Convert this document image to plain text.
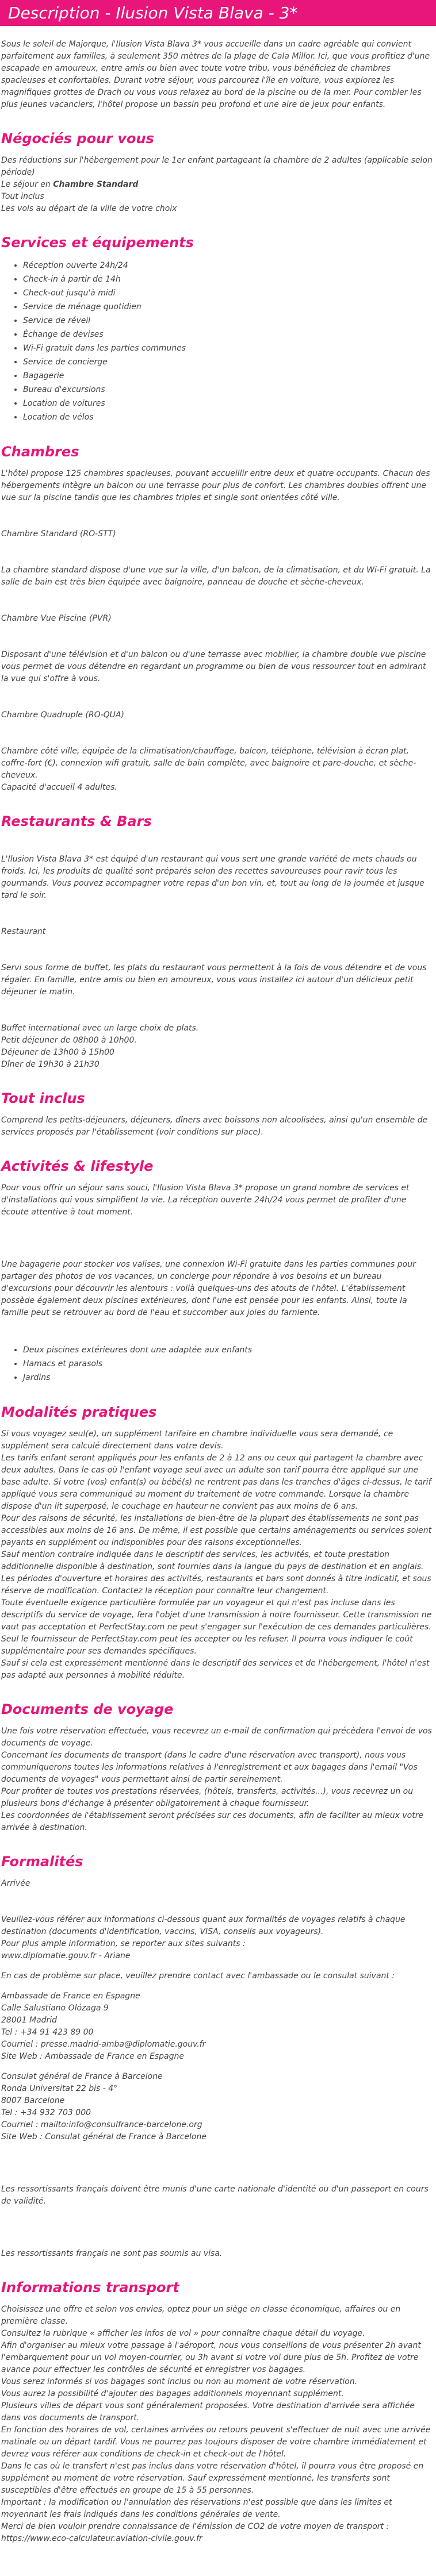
Description - Ilusion Vista Blava - 3*

Sous le soleil de Majorque, l'Ilusion Vista Blava 3* vous accueille dans un cadre agréable qui convient parfaitement aux familles, à seulement 350 mètres de la plage de Cala Millor. Ici, que vous profitiez d'une escapade en amoureux, entre amis ou bien avec toute votre tribu, vous bénéficiez de chambres spacieuses et confortables. Durant votre séjour, vous parcourez l'île en voiture, vous explorez les magnifiques grottes de Drach ou vous vous relaxez au bord de la piscine ou de la mer. Pour combler les plus jeunes vacanciers, l'hôtel propose un bassin peu profond et une aire de jeux pour enfants.

Négociés pour vous

Des réductions sur l'hébergement pour le 1er enfant partageant la chambre de 2 adultes (applicable selon période)
Le séjour en Chambre Standard
Tout inclus
Les vols au départ de la ville de votre choix

Services et équipements
• Réception ouverte 24h/24
• Check-in à partir de 14h
• Check-out jusqu'à midi
• Service de ménage quotidien
• Service de réveil
• Échange de devises
• Wi-Fi gratuit dans les parties communes
• Service de concierge
• Bagagerie
• Bureau d'excursions
• Location de voitures
• Location de vélos
Chambres

L'hôtel propose 125 chambres spacieuses, pouvant accueillir entre deux et quatre occupants. Chacun des hébergements intègre un balcon ou une terrasse pour plus de confort. Les chambres doubles offrent une vue sur la piscine tandis que les chambres triples et single sont orientées côté ville.

Chambre Standard (RO-STT)

La chambre standard dispose d'une vue sur la ville, d'un balcon, de la climatisation, et du Wi-Fi gratuit. La salle de bain est très bien équipée avec baignoire, panneau de douche et sèche-cheveux.

Chambre Vue Piscine (PVR)

Disposant d'une télévision et d'un balcon ou d'une terrasse avec mobilier, la chambre double vue piscine vous permet de vous détendre en regardant un programme ou bien de vous ressourcer tout en admirant la vue qui s'offre à vous.

Chambre Quadruple (RO-QUA)

Chambre côté ville, équipée de la climatisation/chauffage, balcon, téléphone, télévision à écran plat, coffre-fort (€), connexion wifi gratuit, salle de bain complète, avec baignoire et pare-douche, et sèche-cheveux.
Capacité d'accueil 4 adultes.

Restaurants & Bars

L'Ilusion Vista Blava 3* est équipé d'un restaurant qui vous sert une grande variété de mets chauds ou froids. Ici, les produits de qualité sont préparés selon des recettes savoureuses pour ravir tous les gourmands. Vous pouvez accompagner votre repas d'un bon vin, et, tout au long de la journée et jusque tard le soir.

Restaurant

Servi sous forme de buffet, les plats du restaurant vous permettent à la fois de vous détendre et de vous régaler. En famille, entre amis ou bien en amoureux, vous vous installez ici autour d'un délicieux petit déjeuner le matin.

Buffet international avec un large choix de plats.
Petit déjeuner de 08h00 à 10h00.
Déjeuner de 13h00 à 15h00
Dîner de 19h30 à 21h30

Tout inclus

Comprend les petits-déjeuners, déjeuners, dîners avec boissons non alcoolisées, ainsi qu'un ensemble de services proposés par l'établissement (voir conditions sur place).

Activités & lifestyle

Pour vous offrir un séjour sans souci, l'Ilusion Vista Blava 3* propose un grand nombre de services et d'installations qui vous simplifient la vie. La réception ouverte 24h/24 vous permet de profiter d'une écoute attentive à tout moment.

Une bagagerie pour stocker vos valises, une connexion Wi-Fi gratuite dans les parties communes pour partager des photos de vos vacances, un concierge pour répondre à vos besoins et un bureau d'excursions pour découvrir les alentours : voilà quelques-uns des atouts de l'hôtel. L'établissement possède également deux piscines extérieures, dont l'une est pensée pour les enfants. Ainsi, toute la famille peut se retrouver au bord de l'eau et succomber aux joies du farniente.

• Deux piscines extérieures dont une adaptée aux enfants
• Hamacs et parasols
• Jardins
Modalités pratiques

Si vous voyagez seul(e), un supplément tarifaire en chambre individuelle vous sera demandé, ce supplément sera calculé directement dans votre devis.
Les tarifs enfant seront appliqués pour les enfants de 2 à 12 ans ou ceux qui partagent la chambre avec deux adultes. Dans le cas où l'enfant voyage seul avec un adulte son tarif pourra être appliqué sur une base adulte. Si votre (vos) enfant(s) ou bébé(s) ne rentrent pas dans les tranches d'âges ci-dessus, le tarif appliqué vous sera communiqué au moment du traitement de votre commande. Lorsque la chambre dispose d'un lit superposé, le couchage en hauteur ne convient pas aux moins de 6 ans.
Pour des raisons de sécurité, les installations de bien-être de la plupart des établissements ne sont pas accessibles aux moins de 16 ans. De même, il est possible que certains aménagements ou services soient payants en supplément ou indisponibles pour des raisons exceptionnelles.
Sauf mention contraire indiquée dans le descriptif des services, les activités, et toute prestation additionnelle disponible à destination, sont fournies dans la langue du pays de destination et en anglais.
Les périodes d'ouverture et horaires des activités, restaurants et bars sont donnés à titre indicatif, et sous réserve de modification. Contactez la réception pour connaître leur changement.
Toute éventuelle exigence particulière formulée par un voyageur et qui n'est pas incluse dans les descriptifs du service de voyage, fera l'objet d'une transmission à notre fournisseur. Cette transmission ne vaut pas acceptation et PerfectStay.com ne peut s'engager sur l'exécution de ces demandes particulières. Seul le fournisseur de PerfectStay.com peut les accepter ou les refuser. Il pourra vous indiquer le coût supplémentaire pour ses demandes spécifiques.
Sauf si cela est expressément mentionné dans le descriptif des services et de l'hébergement, l'hôtel n'est pas adapté aux personnes à mobilité réduite.

Documents de voyage

Une fois votre réservation effectuée, vous recevrez un e-mail de confirmation qui précèdera l'envoi de vos documents de voyage.
Concernant les documents de transport (dans le cadre d'une réservation avec transport), nous vous communiquerons toutes les informations relatives à l'enregistrement et aux bagages dans l'email "Vos documents de voyages" vous permettant ainsi de partir sereinement.
Pour profiter de toutes vos prestations réservées, (hôtels, transferts, activités...), vous recevrez un ou plusieurs bons d'échange à présenter obligatoirement à chaque fournisseur.
Les coordonnées de l'établissement seront précisées sur ces documents, afin de faciliter au mieux votre arrivée à destination.

Formalités

Arrivée

Veuillez-vous référer aux informations ci-dessous quant aux formalités de voyages relatifs à chaque destination (documents d'identification, vaccins, VISA, conseils aux voyageurs).
Pour plus ample information, se reporter aux sites suivants :
www.diplomatie.gouv.fr - Ariane

En cas de problème sur place, veuillez prendre contact avec l'ambassade ou le consulat suivant :

Ambassade de France en Espagne
Calle Salustiano Olózaga 9
28001 Madrid
Tel : +34 91 423 89 00
Courriel : presse.madrid-amba@diplomatie.gouv.fr
Site Web : Ambassade de France en Espagne

Consulat général de France à Barcelone
Ronda Universitat 22 bis - 4°
8007 Barcelone
Tel : +34 932 703 000
Courriel : mailto:info@consulfrance-barcelone.org
Site Web : Consulat général de France à Barcelone

Les ressortissants français doivent être munis d'une carte nationale d'identité ou d'un passeport en cours de validité.

Les ressortissants français ne sont pas soumis au visa.

Informations transport

Choisissez une offre et selon vos envies, optez pour un siège en classe économique, affaires ou en première classe.
Consultez la rubrique « afficher les infos de vol » pour connaître chaque détail du voyage.
Afin d'organiser au mieux votre passage à l'aéroport, nous vous conseillons de vous présenter 2h avant l'embarquement pour un vol moyen-courrier, ou 3h avant si votre vol dure plus de 5h. Profitez de votre avance pour effectuer les contrôles de sécurité et enregistrer vos bagages.
Vous serez informés si vos bagages sont inclus ou non au moment de votre réservation.
Vous aurez la possibilité d'ajouter des bagages additionnels moyennant supplément.
Plusieurs villes de départ vous sont généralement proposées. Votre destination d'arrivée sera affichée dans vos documents de transport.
En fonction des horaires de vol, certaines arrivées ou retours peuvent s'effectuer de nuit avec une arrivée matinale ou un départ tardif. Vous ne pourrez pas toujours disposer de votre chambre immédiatement et devrez vous référer aux conditions de check-in et check-out de l'hôtel.
Dans le cas où le transfert n'est pas inclus dans votre réservation d'hôtel, il pourra vous être proposé en supplément au moment de votre réservation. Sauf expressément mentionné, les transferts sont susceptibles d'être effectués en groupe de 15 à 55 personnes.
Important : la modification ou l'annulation des réservations n'est possible que dans les limites et moyennant les frais indiqués dans les conditions générales de vente.
Merci de bien vouloir prendre connaissance de l'émission de CO2 de votre moyen de transport : https://www.eco-calculateur.aviation-civile.gouv.fr
